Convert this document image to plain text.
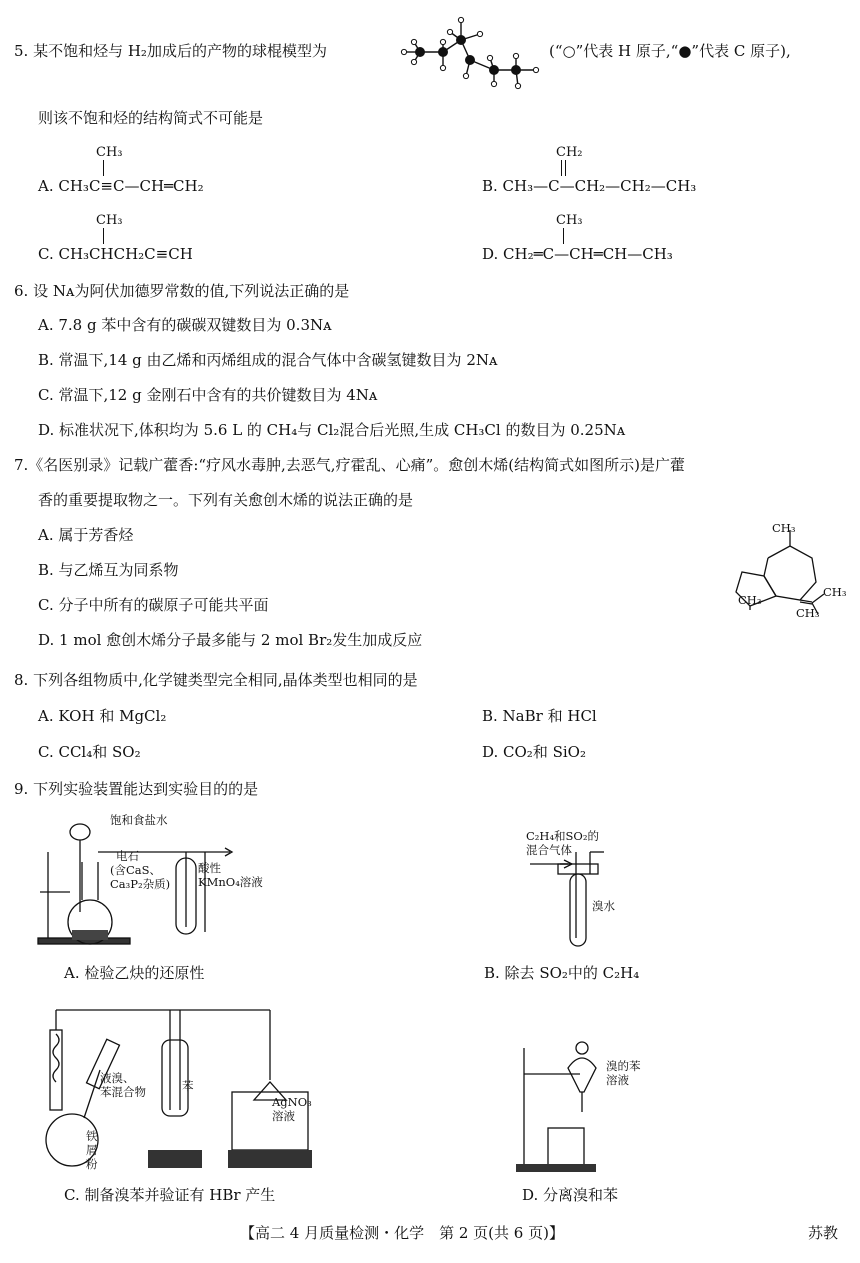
5. 某不饱和烃与 H₂加成后的产物的球棍模型为	(“○”代表 H 原子,“●”代表 C 原子),
则该不饱和烃的结构简式不可能是
CH₃
A. CH₃C≡C—CH═CH₂
CH₂
B. CH₃—C—CH₂—CH₂—CH₃
CH₃
C. CH₃CHCH₂C≡CH
CH₃
D. CH₂═C—CH═CH—CH₃
6. 设 Nᴀ为阿伏加德罗常数的值,下列说法正确的是
A. 7.8 g 苯中含有的碳碳双键数目为 0.3Nᴀ
B. 常温下,14 g 由乙烯和丙烯组成的混合气体中含碳氢键数目为 2Nᴀ
C. 常温下,12 g 金刚石中含有的共价键数目为 4Nᴀ
D. 标准状况下,体积均为 5.6 L 的 CH₄与 Cl₂混合后光照,生成 CH₃Cl 的数目为 0.25Nᴀ
7.《名医别录》记载广藿香:“疗风水毒肿,去恶气,疗霍乱、心痛”。愈创木烯(结构简式如图所示)是广藿
香的重要提取物之一。下列有关愈创木烯的说法正确的是
A. 属于芳香烃
B. 与乙烯互为同系物
C. 分子中所有的碳原子可能共平面
D. 1 mol 愈创木烯分子最多能与 2 mol Br₂发生加成反应
CH₃
CH₃
CH₃
CH₃
8. 下列各组物质中,化学键类型完全相同,晶体类型也相同的是
A. KOH 和 MgCl₂	B. NaBr 和 HCl
C. CCl₄和 SO₂	D. CO₂和 SiO₂
9. 下列实验装置能达到实验目的的是
饱和食盐水
电石
(含CaS、
Ca₃P₂杂质)
酸性
KMnO₄溶液
A. 检验乙炔的还原性
C₂H₄和SO₂的
混合气体
溴水
B. 除去 SO₂中的 C₂H₄
液溴、
苯混合物	苯
铁
屑
粉
AgNO₃
溶液
C. 制备溴苯并验证有 HBr 产生
溴的苯
溶液
D. 分离溴和苯
【高二 4 月质量检测・化学　第 2 页(共 6 页)】	苏教
